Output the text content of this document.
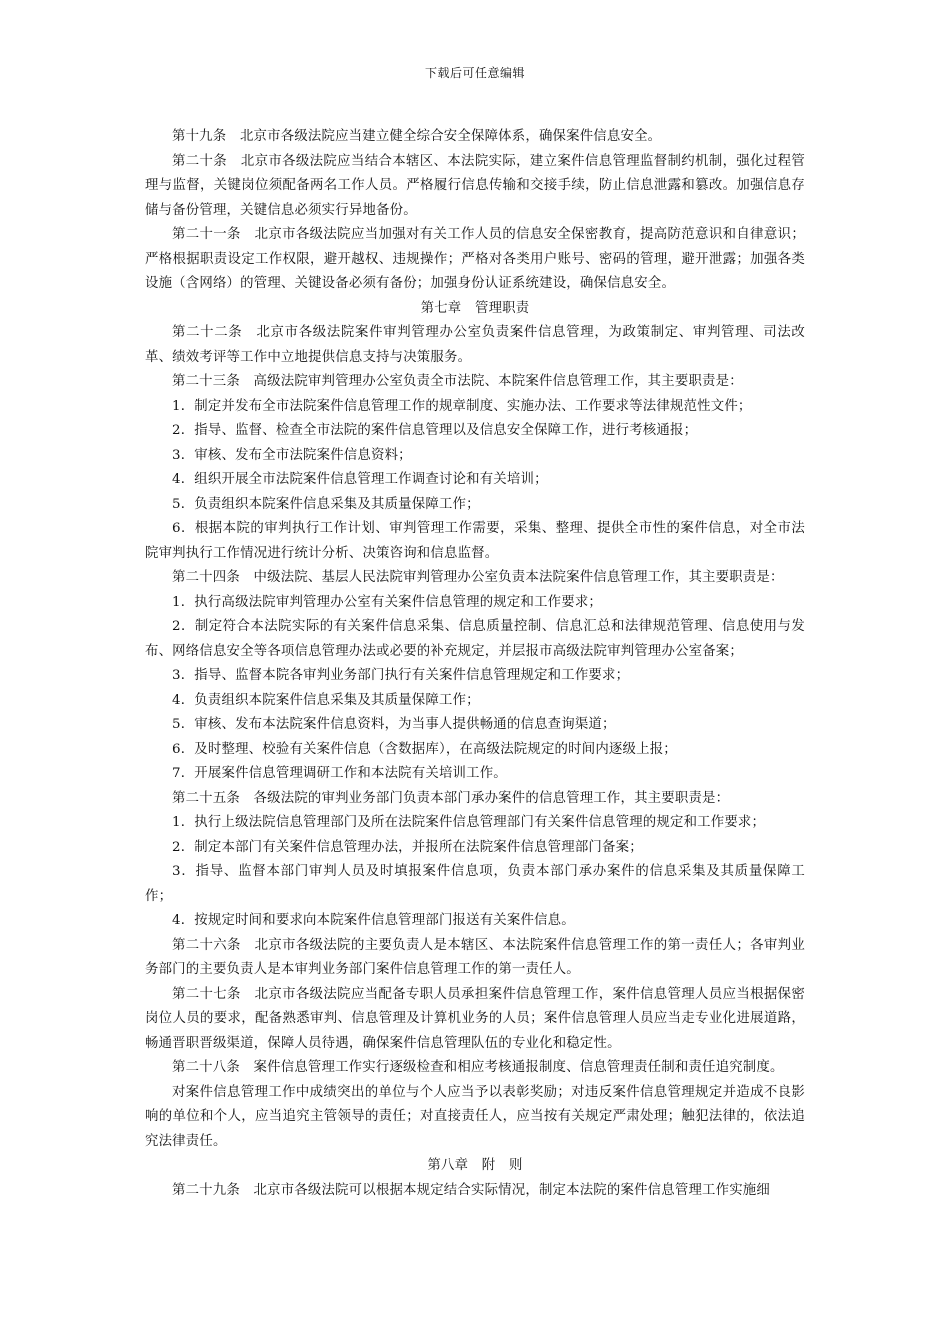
下载后可任意编辑

第十九条　北京市各级法院应当建立健全综合安全保障体系，确保案件信息安全。

第二十条　北京市各级法院应当结合本辖区、本法院实际，建立案件信息管理监督制约机制，强化过程管理与监督，关键岗位须配备两名工作人员。严格履行信息传输和交接手续，防止信息泄露和篡改。加强信息存储与备份管理，关键信息必须实行异地备份。

第二十一条　北京市各级法院应当加强对有关工作人员的信息安全保密教育，提高防范意识和自律意识；严格根据职责设定工作权限，避开越权、违规操作；严格对各类用户账号、密码的管理，避开泄露；加强各类设施（含网络）的管理、关键设备必须有备份；加强身份认证系统建设，确保信息安全。

第七章　管理职责

第二十二条　北京市各级法院案件审判管理办公室负责案件信息管理，为政策制定、审判管理、司法改革、绩效考评等工作中立地提供信息支持与决策服务。

第二十三条　高级法院审判管理办公室负责全市法院、本院案件信息管理工作，其主要职责是：

1．制定并发布全市法院案件信息管理工作的规章制度、实施办法、工作要求等法律规范性文件；

2．指导、监督、检查全市法院的案件信息管理以及信息安全保障工作，进行考核通报；

3．审核、发布全市法院案件信息资料；

4．组织开展全市法院案件信息管理工作调查讨论和有关培训；

5．负责组织本院案件信息采集及其质量保障工作；

6．根据本院的审判执行工作计划、审判管理工作需要，采集、整理、提供全市性的案件信息，对全市法院审判执行工作情况进行统计分析、决策咨询和信息监督。

第二十四条　中级法院、基层人民法院审判管理办公室负责本法院案件信息管理工作，其主要职责是：

1．执行高级法院审判管理办公室有关案件信息管理的规定和工作要求；

2．制定符合本法院实际的有关案件信息采集、信息质量控制、信息汇总和法律规范管理、信息使用与发布、网络信息安全等各项信息管理办法或必要的补充规定，并层报市高级法院审判管理办公室备案；

3．指导、监督本院各审判业务部门执行有关案件信息管理规定和工作要求；

4．负责组织本院案件信息采集及其质量保障工作；

5．审核、发布本法院案件信息资料，为当事人提供畅通的信息查询渠道；

6．及时整理、校验有关案件信息（含数据库），在高级法院规定的时间内逐级上报；

7．开展案件信息管理调研工作和本法院有关培训工作。

第二十五条　各级法院的审判业务部门负责本部门承办案件的信息管理工作，其主要职责是：

1．执行上级法院信息管理部门及所在法院案件信息管理部门有关案件信息管理的规定和工作要求；

2．制定本部门有关案件信息管理办法，并报所在法院案件信息管理部门备案；

3．指导、监督本部门审判人员及时填报案件信息项，负责本部门承办案件的信息采集及其质量保障工作；

4．按规定时间和要求向本院案件信息管理部门报送有关案件信息。

第二十六条　北京市各级法院的主要负责人是本辖区、本法院案件信息管理工作的第一责任人；各审判业务部门的主要负责人是本审判业务部门案件信息管理工作的第一责任人。

第二十七条　北京市各级法院应当配备专职人员承担案件信息管理工作，案件信息管理人员应当根据保密岗位人员的要求，配备熟悉审判、信息管理及计算机业务的人员；案件信息管理人员应当走专业化进展道路，畅通晋职晋级渠道，保障人员待遇，确保案件信息管理队伍的专业化和稳定性。

第二十八条　案件信息管理工作实行逐级检查和相应考核通报制度、信息管理责任制和责任追究制度。

对案件信息管理工作中成绩突出的单位与个人应当予以表彰奖励；对违反案件信息管理规定并造成不良影响的单位和个人，应当追究主管领导的责任；对直接责任人，应当按有关规定严肃处理；触犯法律的，依法追究法律责任。

第八章　附　则

第二十九条　北京市各级法院可以根据本规定结合实际情况，制定本法院的案件信息管理工作实施细
